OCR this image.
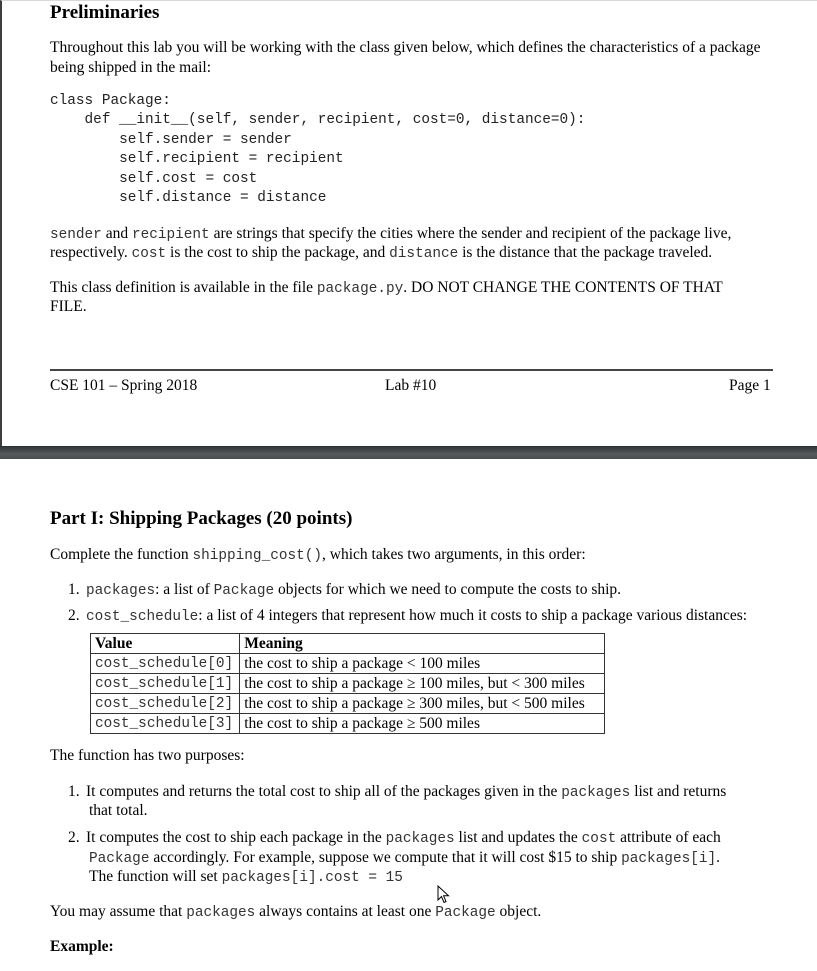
Preliminaries
Throughout this lab you will be working with the class given below, which defines the characteristics of a package
being shipped in the mail:
class Package:
def __init__(self, sender, recipient, cost=0, distance=0):
self.sender = sender
self.recipient = recipient
self.cost = cost
self.distance = distance
sender and recipient are strings that specify the cities where the sender and recipient of the package live,
respectively. cost is the cost to ship the package, and distance is the distance that the package traveled.
This class definition is available in the file package.py. DO NOT CHANGE THE CONTENTS OF THAT
FILE.
CSE 101 – Spring 2018	Lab #10	Page 1
Part I: Shipping Packages (20 points)
Complete the function shipping_cost(), which takes two arguments, in this order:
1. packages: a list of Package objects for which we need to compute the costs to ship.
2. cost_schedule: a list of 4 integers that represent how much it costs to ship a package various distances:
Value	Meaning
cost_schedule[0]	the cost to ship a package < 100 miles
cost_schedule[1]	the cost to ship a package ≥ 100 miles, but < 300 miles
cost_schedule[2]	the cost to ship a package ≥ 300 miles, but < 500 miles
cost_schedule[3]	the cost to ship a package ≥ 500 miles
The function has two purposes:
1. It computes and returns the total cost to ship all of the packages given in the packages list and returns
that total.
2. It computes the cost to ship each package in the packages list and updates the cost attribute of each
Package accordingly. For example, suppose we compute that it will cost $15 to ship packages[i].
The function will set packages[i].cost = 15
You may assume that packages always contains at least one Package object.
Example:
